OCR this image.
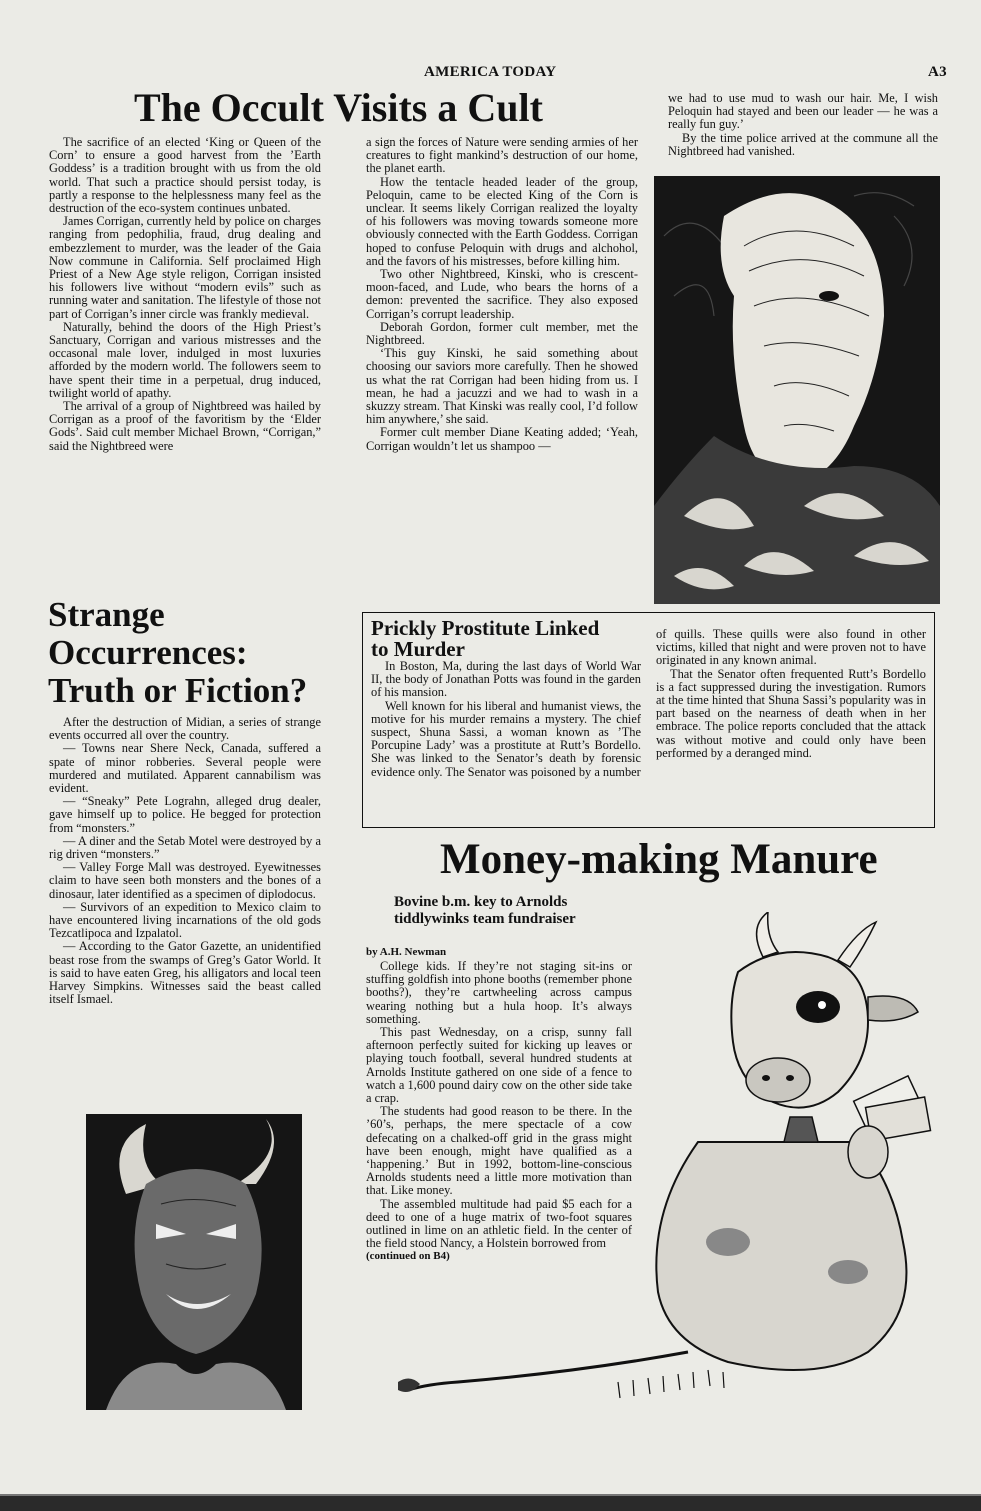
AMERICA TODAY	A3
The Occult Visits a Cult

The sacrifice of an elected ‘King or Queen of the Corn’ to ensure a good harvest from the ’Earth Goddess’ is a tradition brought with us from the old world. That such a practice should persist today, is partly a response to the helplessness many feel as the destruction of the eco-system continues unbated.

James Corrigan, currently held by police on charges ranging from pedophilia, fraud, drug dealing and embezzlement to murder, was the leader of the Gaia Now commune in California. Self proclaimed High Priest of a New Age style religon, Corrigan insisted his followers live without “modern evils” such as running water and sanitation. The lifestyle of those not part of Corrigan’s inner circle was frankly medieval.

Naturally, behind the doors of the High Priest’s Sanctuary, Corrigan and various mistresses and the occasonal male lover, indulged in most luxuries afforded by the modern world. The followers seem to have spent their time in a perpetual, drug induced, twilight world of apathy.

The arrival of a group of Nightbreed was hailed by Corrigan as a proof of the favoritism by the ‘Elder Gods’. Said cult member Michael Brown, “Corrigan,” said the Nightbreed were

a sign the forces of Nature were sending armies of her creatures to fight mankind’s destruction of our home, the planet earth.

How the tentacle headed leader of the group, Peloquin, came to be elected King of the Corn is unclear. It seems likely Corrigan realized the loyalty of his followers was moving towards someone more obviously connected with the Earth Goddess. Corrigan hoped to confuse Peloquin with drugs and alchohol, and the favors of his mistresses, before killing him.

Two other Nightbreed, Kinski, who is crescent-moon-faced, and Lude, who bears the horns of a demon: prevented the sacrifice. They also exposed Corrigan’s corrupt leadership.

Deborah Gordon, former cult member, met the Nightbreed.

‘This guy Kinski, he said something about choosing our saviors more carefully. Then he showed us what the rat Corrigan had been hiding from us. I mean, he had a jacuzzi and we had to wash in a skuzzy stream. That Kinski was really cool, I’d follow him anywhere,’ she said.

Former cult member Diane Keating added; ‘Yeah, Corrigan wouldn’t let us shampoo —

we had to use mud to wash our hair. Me, I wish Peloquin had stayed and been our leader — he was a really fun guy.’

By the time police arrived at the commune all the Nightbreed had vanished.

Strange
Occurrences:
Truth or Fiction?

After the destruction of Midian, a series of strange events occurred all over the country.

— Towns near Shere Neck, Canada, suffered a spate of minor robberies. Several people were murdered and mutilated. Apparent cannabilism was evident.

— “Sneaky” Pete Lograhn, alleged drug dealer, gave himself up to police. He begged for protection from “monsters.”

— A diner and the Setab Motel were destroyed by a rig driven “monsters.”

— Valley Forge Mall was destroyed. Eyewitnesses claim to have seen both monsters and the bones of a dinosaur, later identified as a specimen of diplodocus.

— Survivors of an expedition to Mexico claim to have encountered living incarnations of the old gods Tezcatlipoca and Izpalatol.

— According to the Gator Gazette, an unidentified beast rose from the swamps of Greg’s Gator World. It is said to have eaten Greg, his alligators and local teen Harvey Simpkins. Witnesses said the beast called itself Ismael.

Prickly Prostitute Linked
to Murder

In Boston, Ma, during the last days of World War II, the body of Jonathan Potts was found in the garden of his mansion.

Well known for his liberal and humanist views, the motive for his murder remains a mystery. The chief suspect, Shuna Sassi, a woman known as ’The Porcupine Lady’ was a prostitute at Rutt’s Bordello. She was linked to the Senator’s death by forensic evidence only. The Senator was poisoned by a number

of quills. These quills were also found in other victims, killed that night and were proven not to have originated in any known animal.

That the Senator often frequented Rutt’s Bordello is a fact suppressed during the investigation. Rumors at the time hinted that Shuna Sassi’s popularity was in part based on the nearness of death when in her embrace. The police reports concluded that the attack was without motive and could only have been performed by a deranged mind.

Money-making Manure
Bovine b.m. key to Arnolds
tiddlywinks team fundraiser
by A.H. Newman

College kids. If they’re not staging sit-ins or stuffing goldfish into phone booths (remember phone booths?), they’re cartwheeling across campus wearing nothing but a hula hoop. It’s always something.

This past Wednesday, on a crisp, sunny fall afternoon perfectly suited for kicking up leaves or playing touch football, several hundred students at Arnolds Institute gathered on one side of a fence to watch a 1,600 pound dairy cow on the other side take a crap.

The students had good reason to be there. In the ’60’s, perhaps, the mere spectacle of a cow defecating on a chalked-off grid in the grass might have been enough, might have qualified as a ‘happening.’ But in 1992, bottom-line-conscious Arnolds students need a little more motivation than that. Like money.

The assembled multitude had paid $5 each for a deed to one of a huge matrix of two-foot squares outlined in lime on an athletic field. In the center of the field stood Nancy, a Holstein borrowed from

(continued on B4)
